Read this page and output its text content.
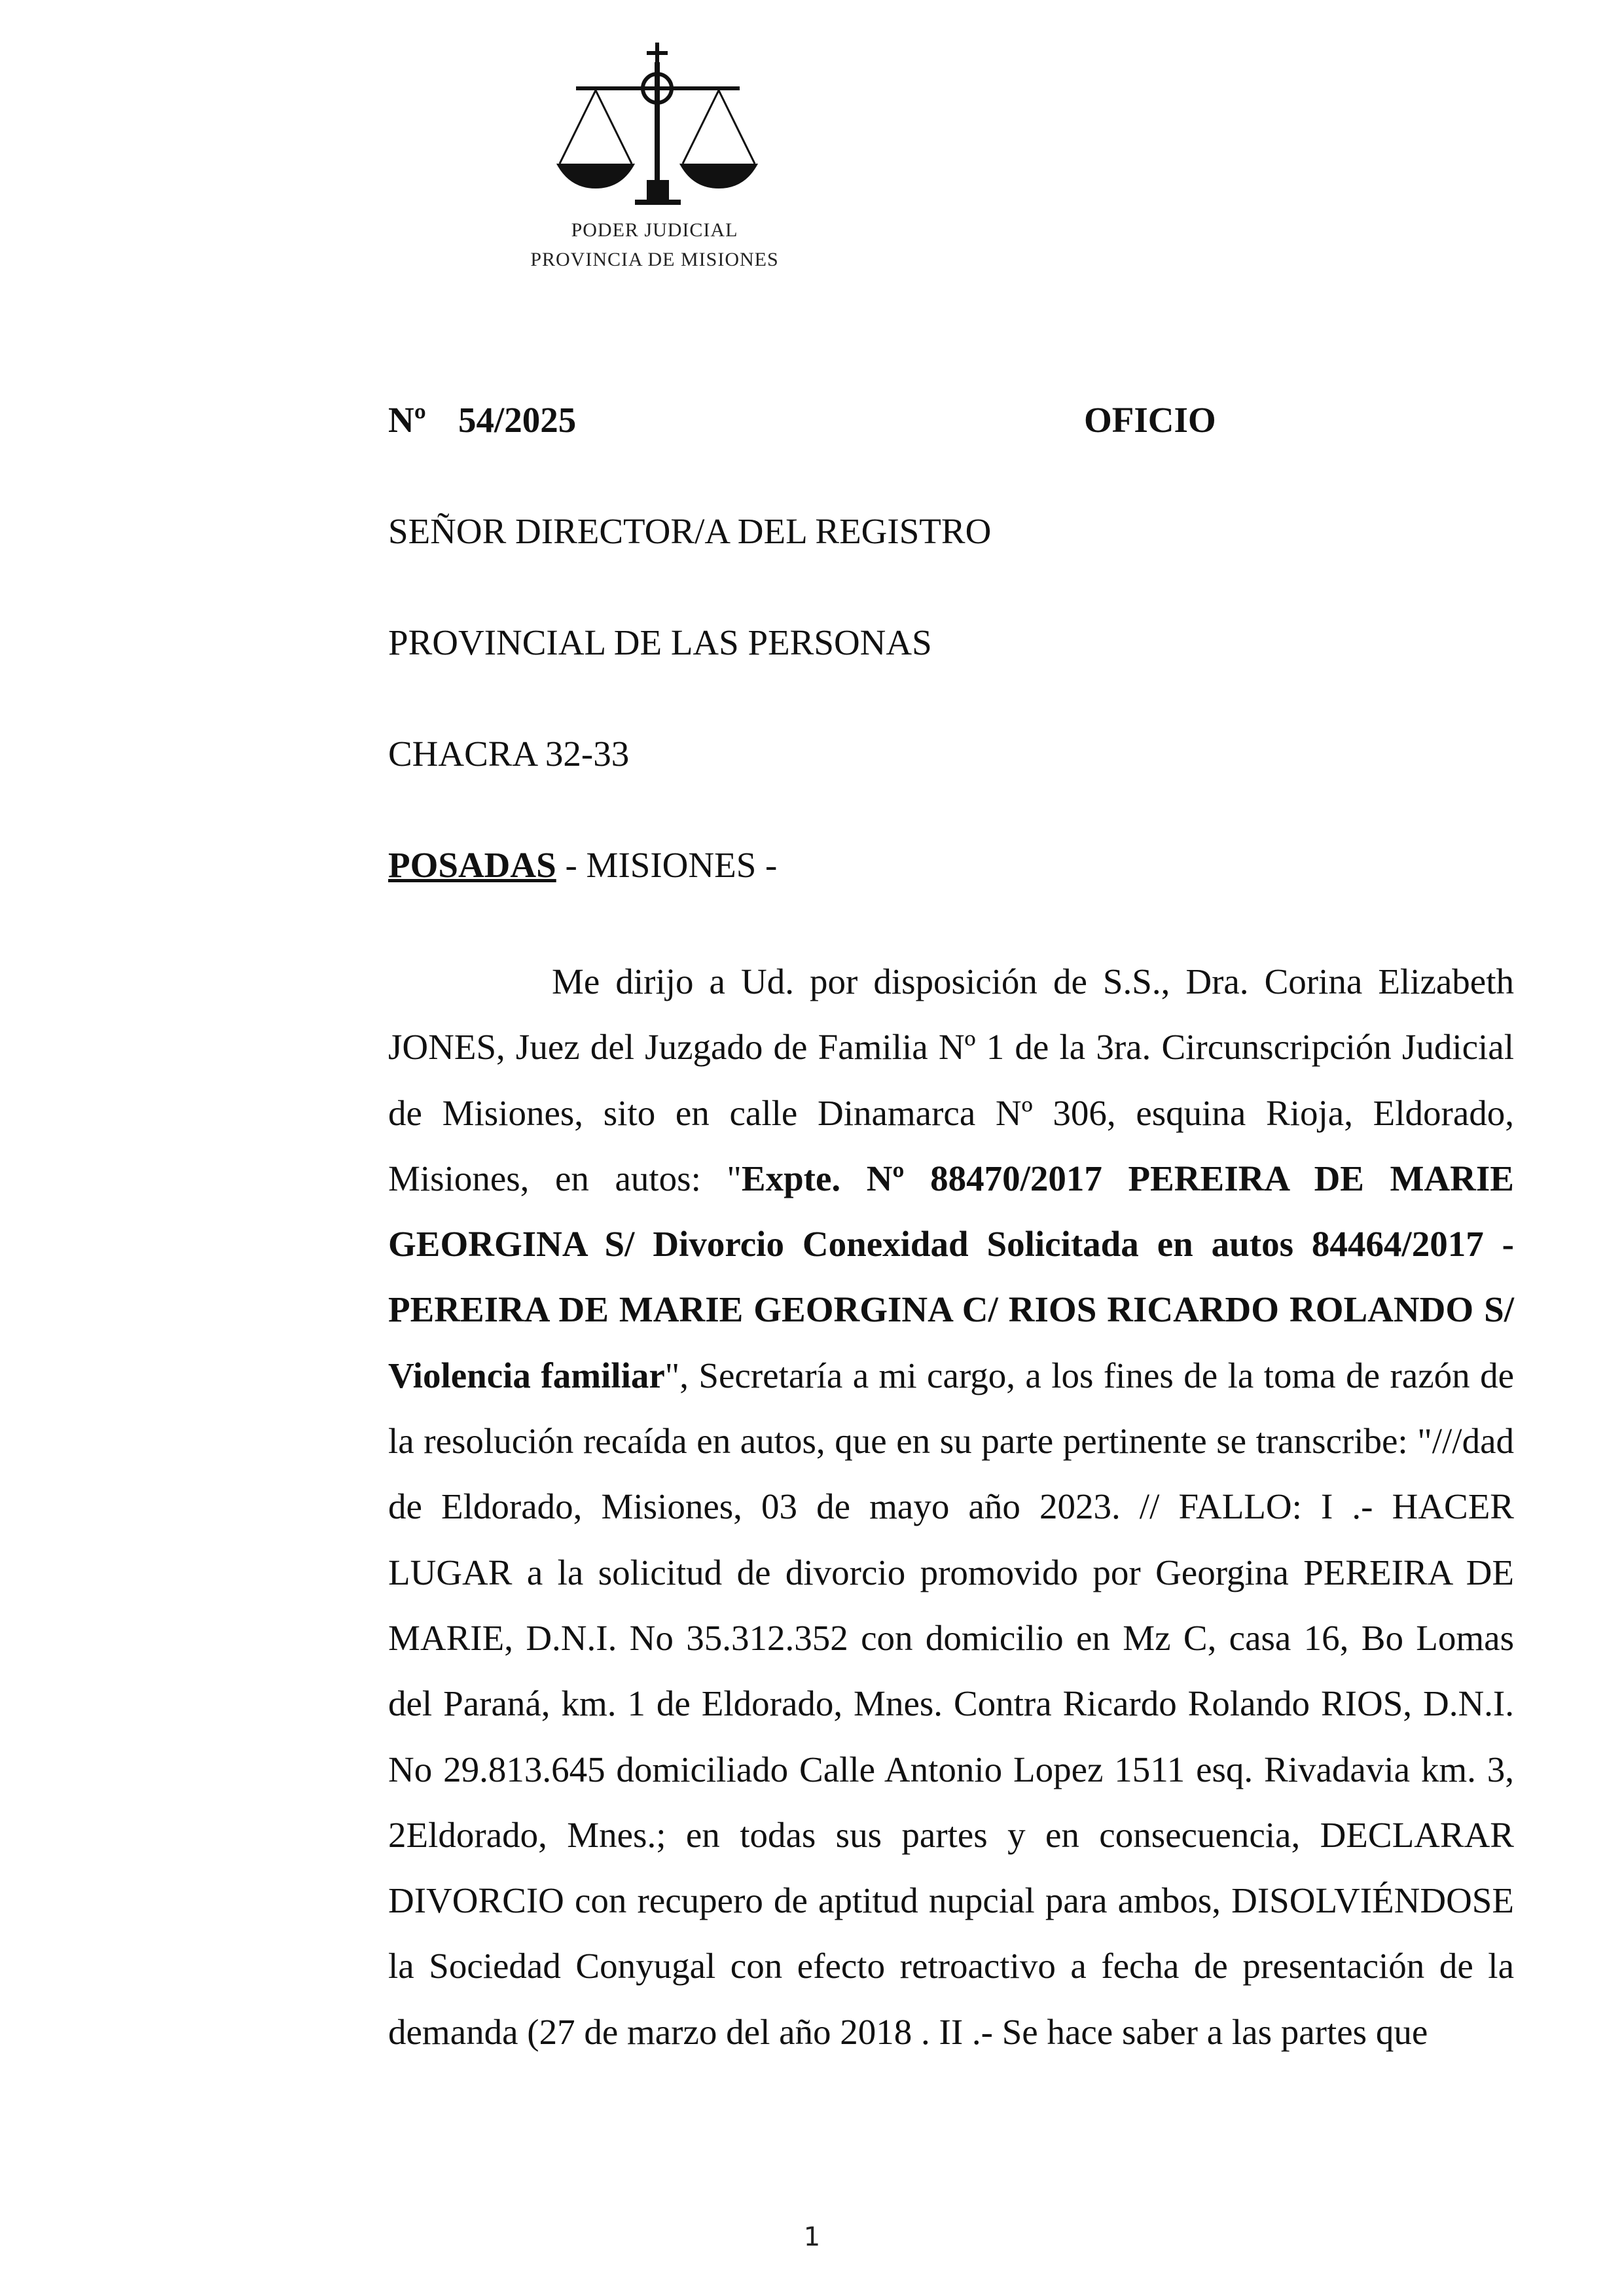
PODER JUDICIAL
PROVINCIA DE MISIONES
Nº 54/2025	OFICIO
SEÑOR DIRECTOR/A DEL REGISTRO
PROVINCIAL DE LAS PERSONAS
CHACRA 32-33
POSADAS - MISIONES -

Me dirijo a Ud. por disposición de S.S., Dra. Corina Elizabeth JONES, Juez del Juzgado de Familia Nº 1 de la 3ra. Circunscripción Judicial de Misiones, sito en calle Dinamarca Nº 306, esquina Rioja, Eldorado, Misiones, en autos: "Expte. Nº 88470/2017 PEREIRA DE MARIE GEORGINA S/ Divorcio Conexidad Solicitada en autos 84464/2017 - PEREIRA DE MARIE GEORGINA C/ RIOS RICARDO ROLANDO S/ Violencia familiar", Secretaría a mi cargo, a los fines de la toma de razón de la resolución recaída en autos, que en su parte pertinente se transcribe: "///dad de Eldorado, Misiones, 03 de mayo año 2023. // FALLO: I .- HACER LUGAR a la solicitud de divorcio promovido por Georgina PEREIRA DE MARIE, D.N.I. No 35.312.352 con domicilio en Mz C, casa 16, Bo Lomas del Paraná, km. 1 de Eldorado, Mnes. Contra Ricardo Rolando RIOS, D.N.I. No 29.813.645 domiciliado Calle Antonio Lopez 1511 esq. Rivadavia km. 3, 2Eldorado, Mnes.; en todas sus partes y en consecuencia, DECLARAR DIVORCIO con recupero de aptitud nupcial para ambos, DISOLVIÉNDOSE la Sociedad Conyugal con efecto retroactivo a fecha de presentación de la demanda (27 de marzo del año 2018 . II .- Se hace saber a las partes que

1
